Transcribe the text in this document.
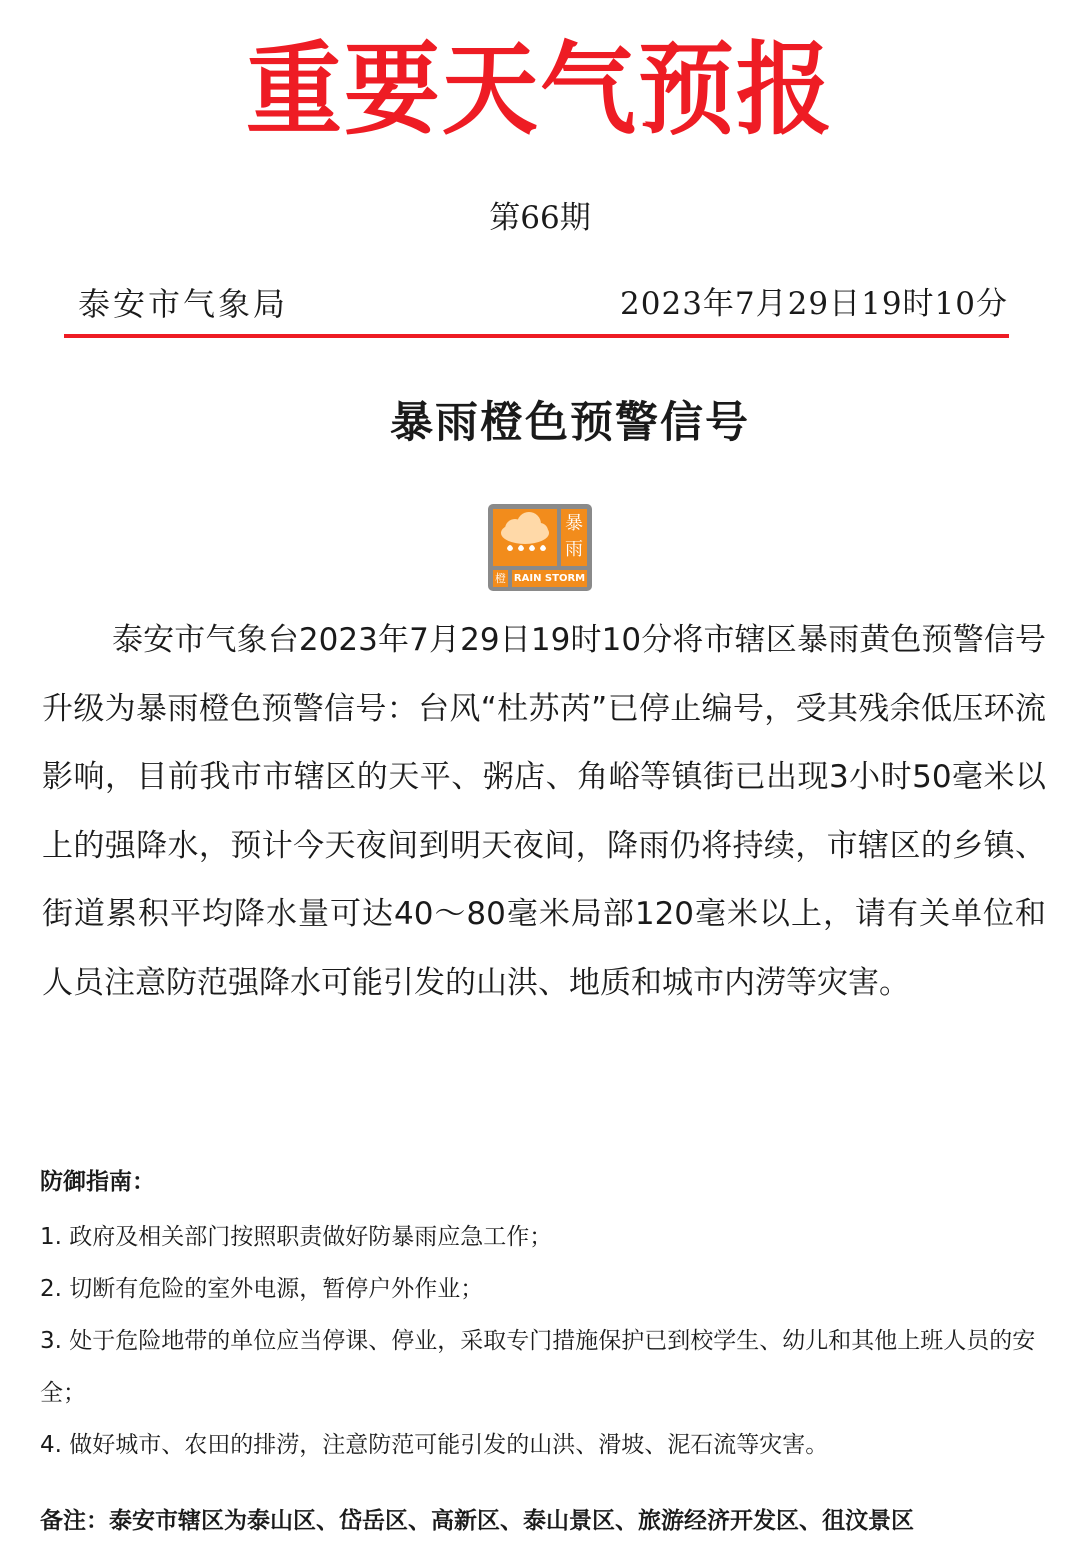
重要天气预报
第66期
泰安市气象局	2023年7月29日19时10分
暴雨橙色预警信号
暴
雨
橙 RAIN STORM

泰安市气象台2023年7月29日19时10分将市辖区暴雨黄色预警信号升级为暴雨橙色预警信号：台风“杜苏芮”已停止编号，受其残余低压环流影响，目前我市市辖区的天平、粥店、角峪等镇街已出现3小时50毫米以上的强降水，预计今天夜间到明天夜间，降雨仍将持续，市辖区的乡镇、街道累积平均降水量可达40～80毫米局部120毫米以上，请有关单位和人员注意防范强降水可能引发的山洪、地质和城市内涝等灾害。

防御指南：
1. 政府及相关部门按照职责做好防暴雨应急工作；
2. 切断有危险的室外电源，暂停户外作业；
3. 处于危险地带的单位应当停课、停业，采取专门措施保护已到校学生、幼儿和其他上班人员的安全；
4. 做好城市、农田的排涝，注意防范可能引发的山洪、滑坡、泥石流等灾害。
备注：泰安市辖区为泰山区、岱岳区、高新区、泰山景区、旅游经济开发区、徂汶景区
